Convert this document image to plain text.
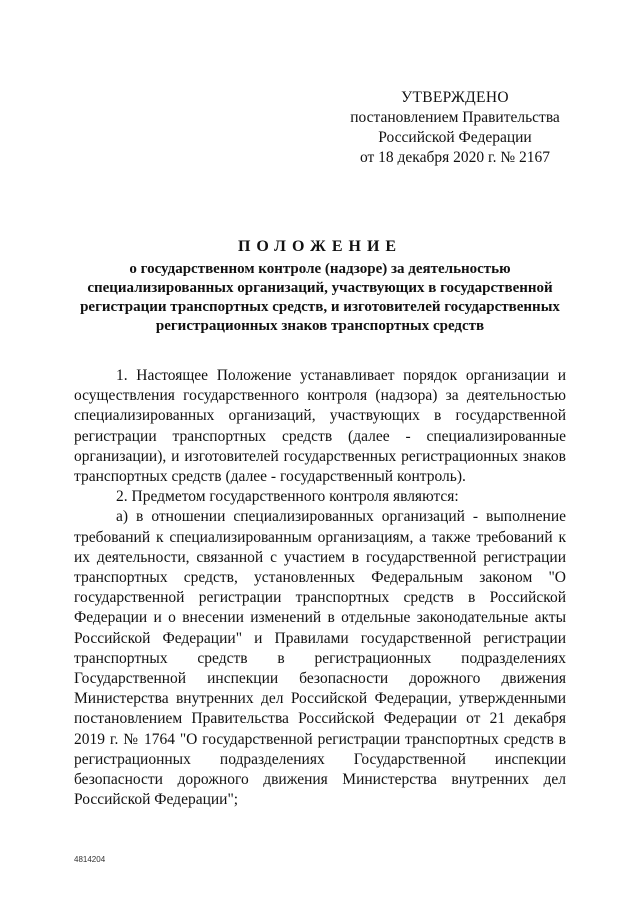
УТВЕРЖДЕНО
постановлением Правительства
Российской Федерации
от 18 декабря 2020 г. № 2167
ПОЛОЖЕНИЕ
о государственном контроле (надзоре) за деятельностью
специализированных организаций, участвующих в государственной
регистрации транспортных средств, и изготовителей государственных
регистрационных знаков транспортных средств

1. Настоящее Положение устанавливает порядок организации и осуществления государственного контроля (надзора) за деятельностью специализированных организаций, участвующих в государственной регистрации транспортных средств (далее - специализированные организации), и изготовителей государственных регистрационных знаков транспортных средств (далее - государственный контроль).

2. Предметом государственного контроля являются:

а) в отношении специализированных организаций - выполнение требований к специализированным организациям, а также требований к их деятельности, связанной с участием в государственной регистрации транспортных средств, установленных Федеральным законом "О государственной регистрации транспортных средств в Российской Федерации и о внесении изменений в отдельные законодательные акты Российской Федерации" и Правилами государственной регистрации транспортных средств в регистрационных подразделениях Государственной инспекции безопасности дорожного движения Министерства внутренних дел Российской Федерации, утвержденными постановлением Правительства Российской Федерации от 21 декабря 2019 г. № 1764 "О государственной регистрации транспортных средств в регистрационных подразделениях Государственной инспекции безопасности дорожного движения Министерства внутренних дел Российской Федерации";

4814204
